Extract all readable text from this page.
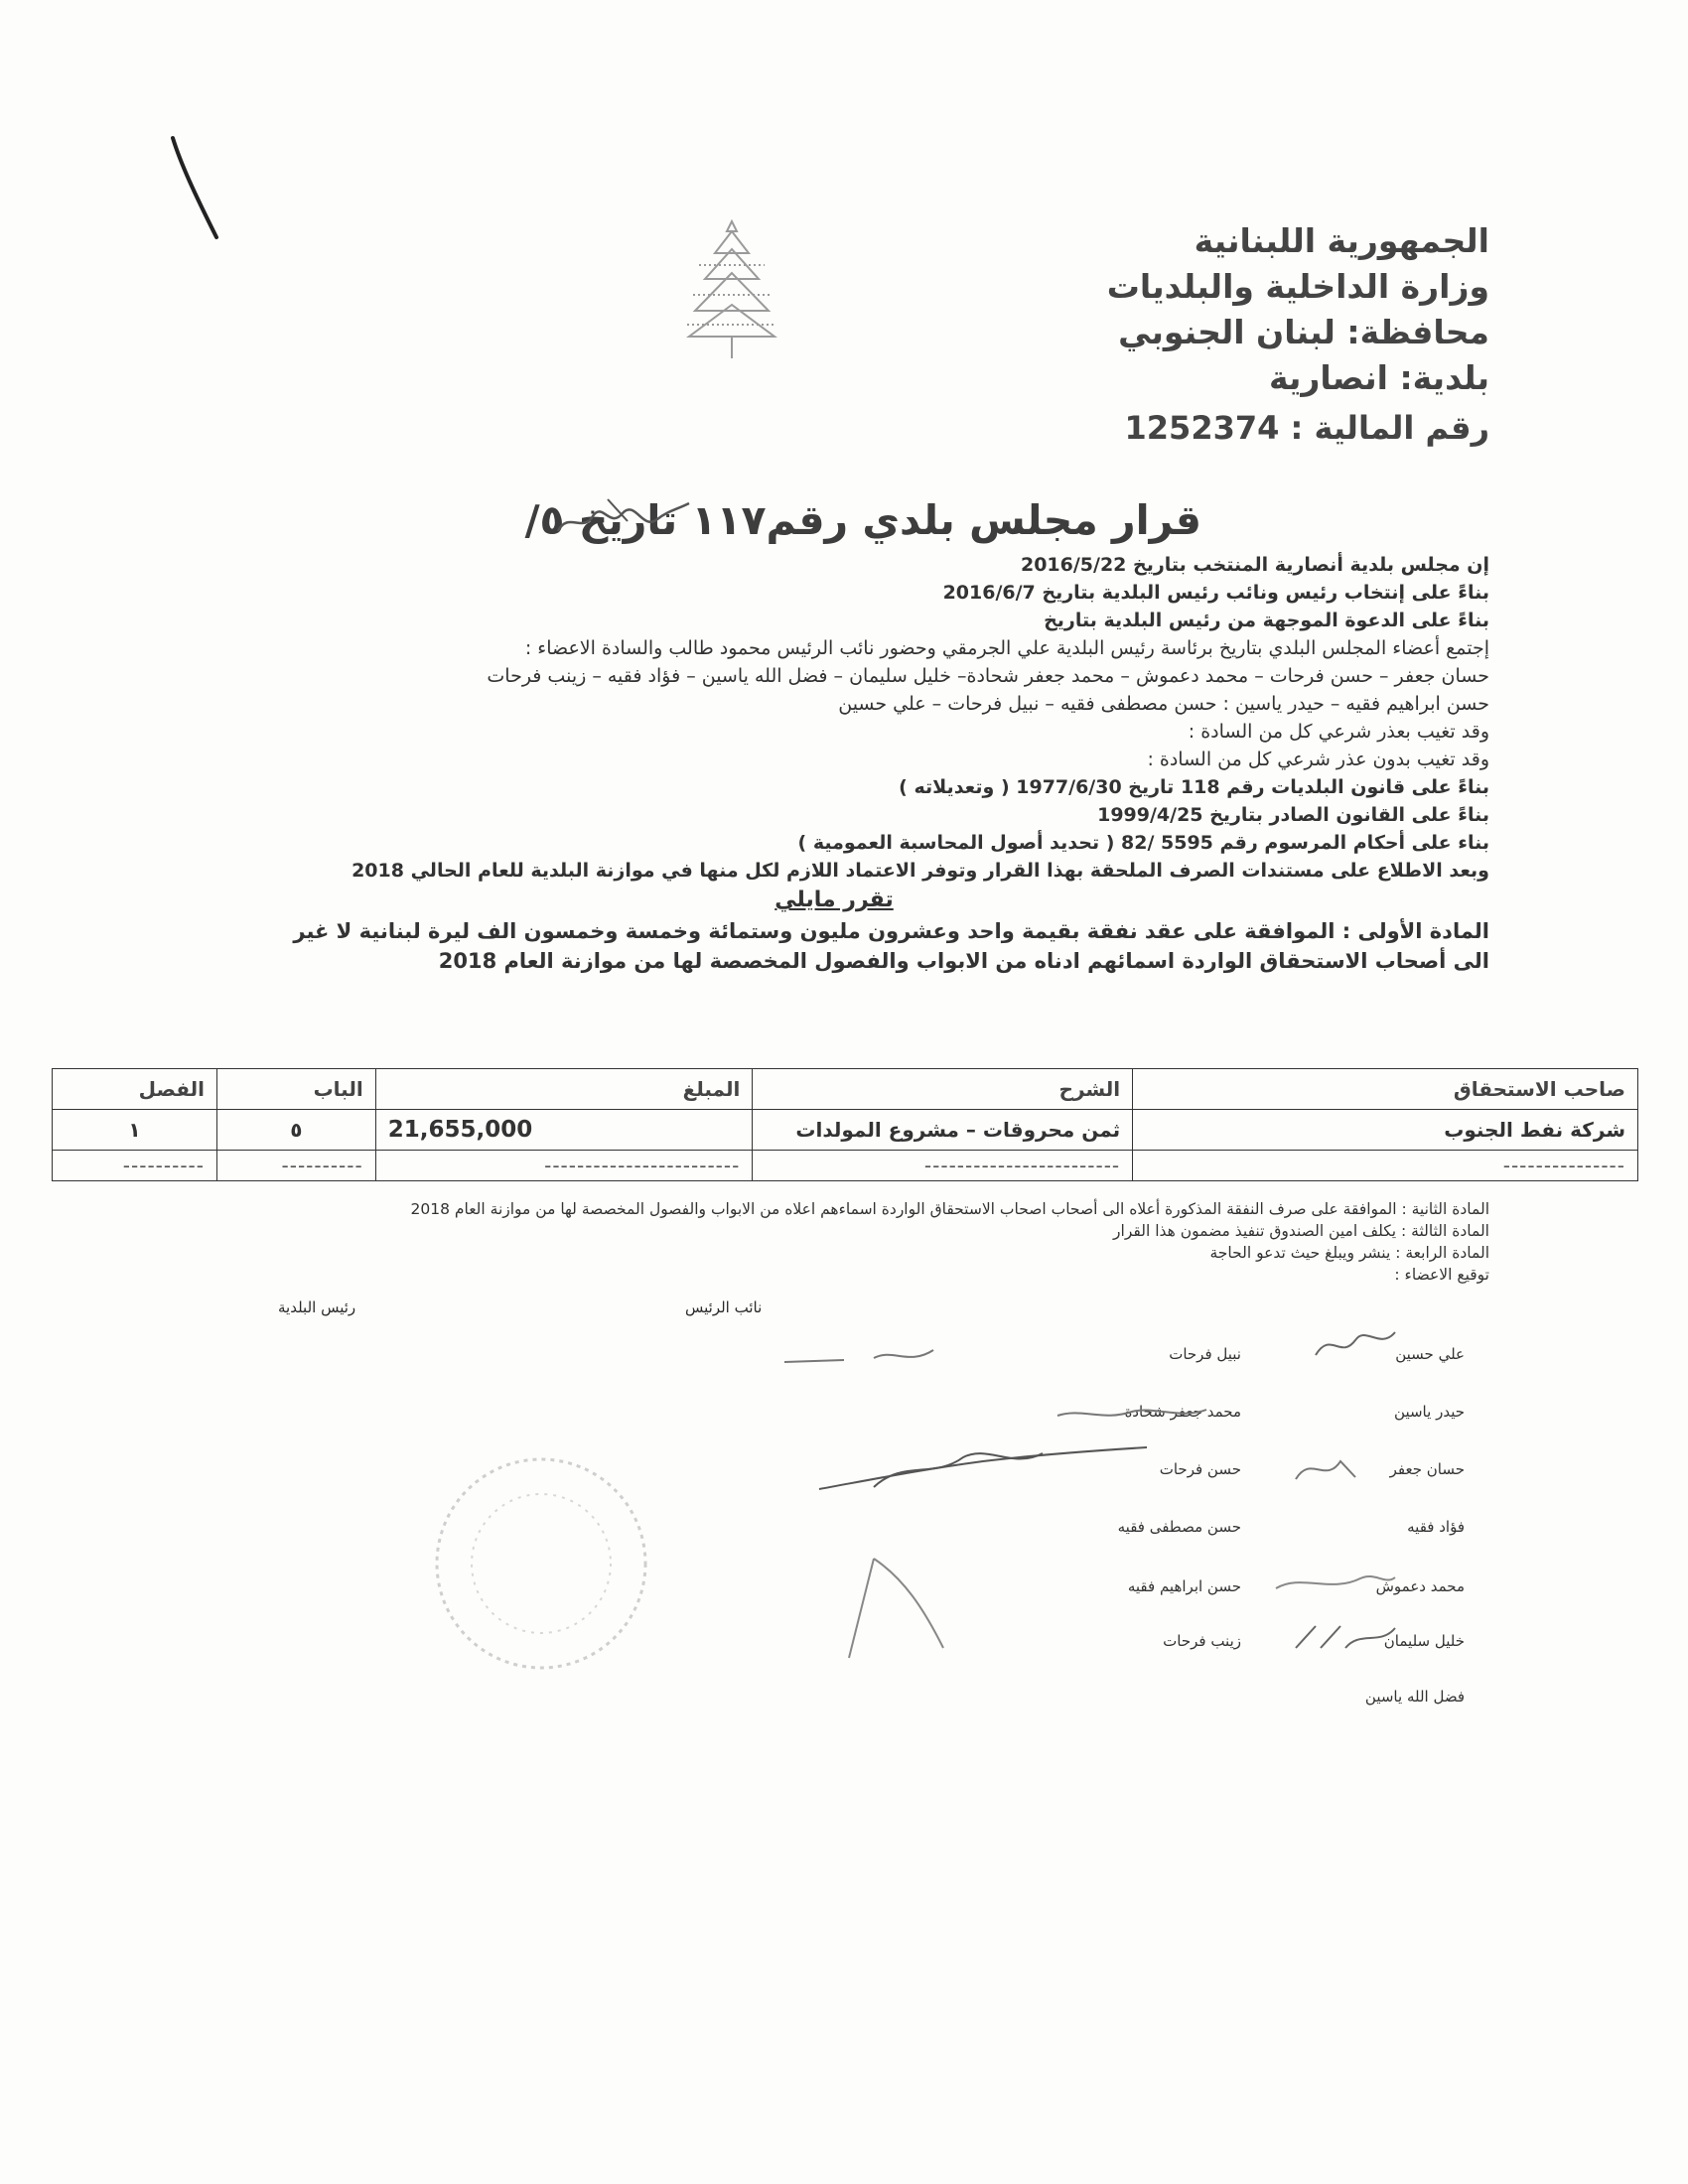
الجمهورية اللبنانية
وزارة الداخلية والبلديات
محافظة: لبنان الجنوبي
بلدية: انصارية
رقم المالية : 1252374
قرار مجلس بلدي رقم١١٧ تاريخ ٥/
إن مجلس بلدية أنصارية المنتخب بتاريخ 2016/5/22
بناءً على إنتخاب رئيس ونائب رئيس البلدية بتاريخ 2016/6/7
بناءً على الدعوة الموجهة من رئيس البلدية بتاريخ
إجتمع أعضاء المجلس البلدي بتاريخ برئاسة رئيس البلدية علي الجرمقي وحضور نائب الرئيس محمود طالب والسادة الاعضاء :
حسان جعفر – حسن فرحات – محمد دعموش – محمد جعفر شحادة– خليل سليمان – فضل الله ياسين – فؤاد فقيه – زينب فرحات
حسن ابراهيم فقيه – حيدر ياسين : حسن مصطفى فقيه – نبيل فرحات – علي حسين
وقد تغيب بعذر شرعي كل من السادة :
وقد تغيب بدون عذر شرعي كل من السادة :
بناءً على قانون البلديات رقم 118 تاريخ 1977/6/30 ( وتعديلاته )
بناءً على القانون الصادر بتاريخ 1999/4/25
بناء على أحكام المرسوم رقم 5595 /82 ( تحديد أصول المحاسبة العمومية )
وبعد الاطلاع على مستندات الصرف الملحقة بهذا القرار وتوفر الاعتماد اللازم لكل منها في موازنة البلدية للعام الحالي 2018
تقرر مايلي
المادة الأولى : الموافقة على عقد نفقة بقيمة واحد وعشرون مليون وستمائة وخمسة وخمسون الف ليرة لبنانية لا غير
الى أصحاب الاستحقاق الواردة اسمائهم ادناه من الابواب والفصول المخصصة لها من موازنة العام 2018
صاحب الاستحقاق	الشرح	المبلغ	الباب	الفصل
شركة نفط الجنوب	ثمن محروقات – مشروع المولدات	21,655,000	٥	١
---------------	------------------------	------------------------	----------	----------
المادة الثانية : الموافقة على صرف النفقة المذكورة أعلاه الى أصحاب اصحاب الاستحقاق الواردة اسماءهم اعلاه من الابواب والفصول المخصصة لها من موازنة العام 2018
المادة الثالثة : يكلف امين الصندوق تنفيذ مضمون هذا القرار
المادة الرابعة : ينشر ويبلغ حيث تدعو الحاجة
توقيع الاعضاء :
رئيس البلدية	نائب الرئيس
علي حسين
حيدر ياسين
حسان جعفر
فؤاد فقيه
محمد دعموش
خليل سليمان
فضل الله ياسين
نبيل فرحات
محمد جعفر شحادة
حسن فرحات
حسن مصطفى فقيه
حسن ابراهيم فقيه
زينب فرحات
